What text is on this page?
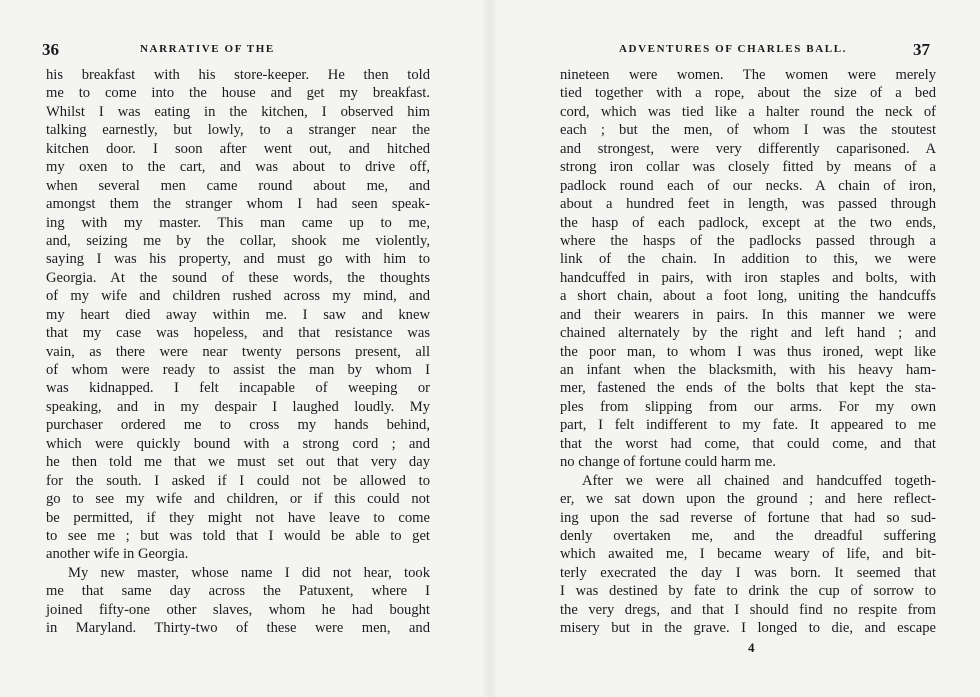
36	NARRATIVE OF THE
his breakfast with his store-keeper. He then told
me to come into the house and get my breakfast.
Whilst I was eating in the kitchen, I observed him
talking earnestly, but lowly, to a stranger near the
kitchen door. I soon after went out, and hitched
my oxen to the cart, and was about to drive off,
when several men came round about me, and
amongst them the stranger whom I had seen speak-
ing with my master. This man came up to me,
and, seizing me by the collar, shook me violently,
saying I was his property, and must go with him to
Georgia. At the sound of these words, the thoughts
of my wife and children rushed across my mind, and
my heart died away within me. I saw and knew
that my case was hopeless, and that resistance was
vain, as there were near twenty persons present, all
of whom were ready to assist the man by whom I
was kidnapped. I felt incapable of weeping or
speaking, and in my despair I laughed loudly. My
purchaser ordered me to cross my hands behind,
which were quickly bound with a strong cord ; and
he then told me that we must set out that very day
for the south. I asked if I could not be allowed to
go to see my wife and children, or if this could not
be permitted, if they might not have leave to come
to see me ; but was told that I would be able to get
another wife in Georgia.
My new master, whose name I did not hear, took
me that same day across the Patuxent, where I
joined fifty-one other slaves, whom he had bought
in Maryland. Thirty-two of these were men, and
ADVENTURES OF CHARLES BALL.	37
nineteen were women. The women were merely
tied together with a rope, about the size of a bed
cord, which was tied like a halter round the neck of
each ; but the men, of whom I was the stoutest
and strongest, were very differently caparisoned. A
strong iron collar was closely fitted by means of a
padlock round each of our necks. A chain of iron,
about a hundred feet in length, was passed through
the hasp of each padlock, except at the two ends,
where the hasps of the padlocks passed through a
link of the chain. In addition to this, we were
handcuffed in pairs, with iron staples and bolts, with
a short chain, about a foot long, uniting the handcuffs
and their wearers in pairs. In this manner we were
chained alternately by the right and left hand ; and
the poor man, to whom I was thus ironed, wept like
an infant when the blacksmith, with his heavy ham-
mer, fastened the ends of the bolts that kept the sta-
ples from slipping from our arms. For my own
part, I felt indifferent to my fate. It appeared to me
that the worst had come, that could come, and that
no change of fortune could harm me.
After we were all chained and handcuffed togeth-
er, we sat down upon the ground ; and here reflect-
ing upon the sad reverse of fortune that had so sud-
denly overtaken me, and the dreadful suffering
which awaited me, I became weary of life, and bit-
terly execrated the day I was born. It seemed that
I was destined by fate to drink the cup of sorrow to
the very dregs, and that I should find no respite from
misery but in the grave. I longed to die, and escape
4
